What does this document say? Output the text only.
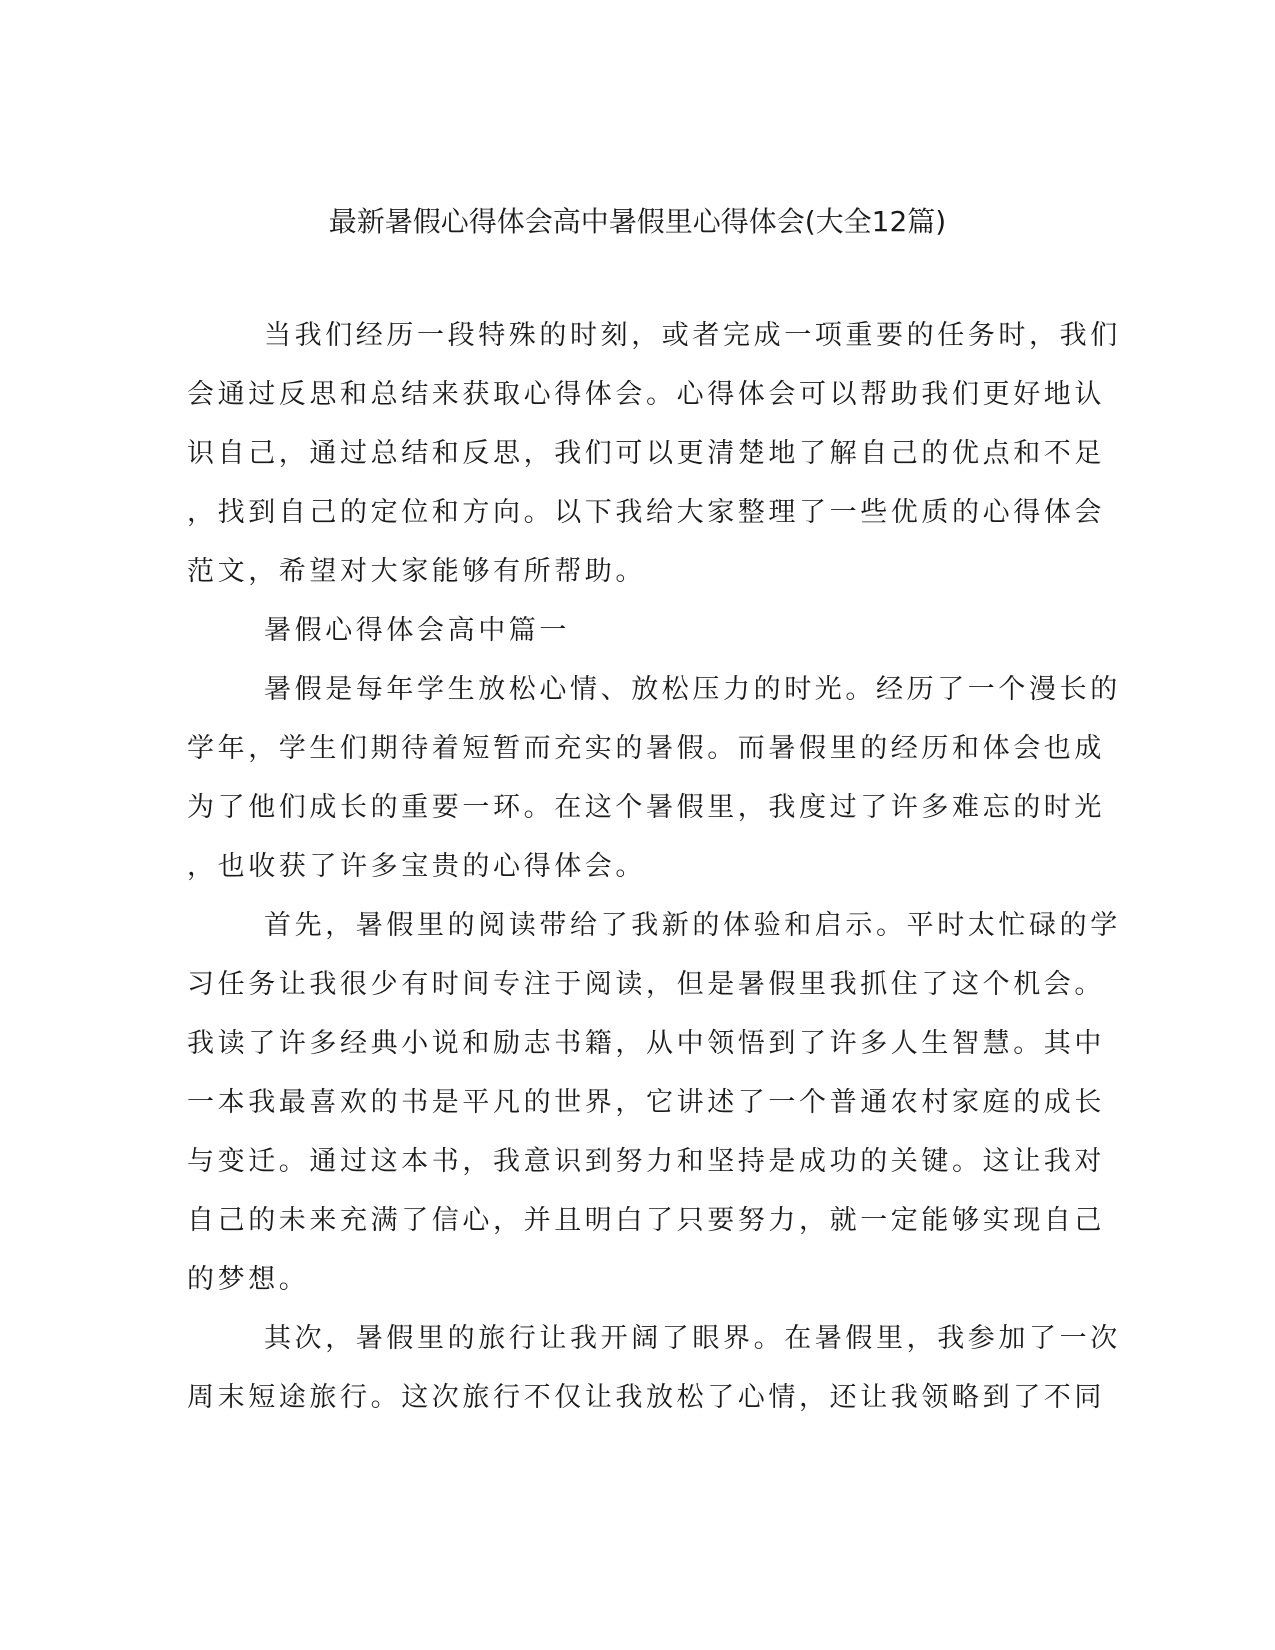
最新暑假心得体会高中暑假里心得体会(大全12篇)
当我们经历一段特殊的时刻，或者完成一项重要的任务时，我们
会通过反思和总结来获取心得体会。心得体会可以帮助我们更好地认
识自己，通过总结和反思，我们可以更清楚地了解自己的优点和不足
，找到自己的定位和方向。以下我给大家整理了一些优质的心得体会
范文，希望对大家能够有所帮助。
暑假心得体会高中篇一
暑假是每年学生放松心情、放松压力的时光。经历了一个漫长的
学年，学生们期待着短暂而充实的暑假。而暑假里的经历和体会也成
为了他们成长的重要一环。在这个暑假里，我度过了许多难忘的时光
，也收获了许多宝贵的心得体会。
首先，暑假里的阅读带给了我新的体验和启示。平时太忙碌的学
习任务让我很少有时间专注于阅读，但是暑假里我抓住了这个机会。
我读了许多经典小说和励志书籍，从中领悟到了许多人生智慧。其中
一本我最喜欢的书是平凡的世界，它讲述了一个普通农村家庭的成长
与变迁。通过这本书，我意识到努力和坚持是成功的关键。这让我对
自己的未来充满了信心，并且明白了只要努力，就一定能够实现自己
的梦想。
其次，暑假里的旅行让我开阔了眼界。在暑假里，我参加了一次
周末短途旅行。这次旅行不仅让我放松了心情，还让我领略到了不同
